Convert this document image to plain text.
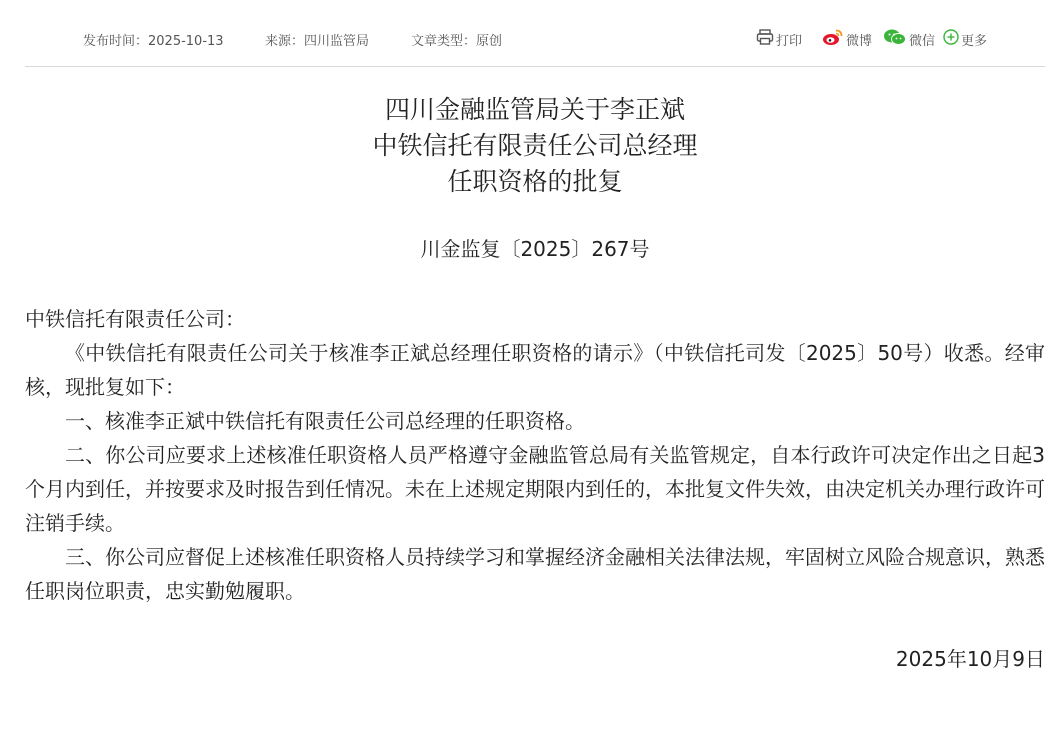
发布时间：2025-10-13	来源：四川监管局	文章类型：原创	打印	微博	微信 更多
四川金融监管局关于李正斌
中铁信托有限责任公司总经理
任职资格的批复
川金监复〔2025〕267号

中铁信托有限责任公司：

《中铁信托有限责任公司关于核准李正斌总经理任职资格的请示》（中铁信托司发〔2025〕50号）收悉。经审核，现批复如下：

一、核准李正斌中铁信托有限责任公司总经理的任职资格。

二、你公司应要求上述核准任职资格人员严格遵守金融监管总局有关监管规定，自本行政许可决定作出之日起3个月内到任，并按要求及时报告到任情况。未在上述规定期限内到任的，本批复文件失效，由决定机关办理行政许可注销手续。

三、你公司应督促上述核准任职资格人员持续学习和掌握经济金融相关法律法规，牢固树立风险合规意识，熟悉任职岗位职责，忠实勤勉履职。

2025年10月9日
